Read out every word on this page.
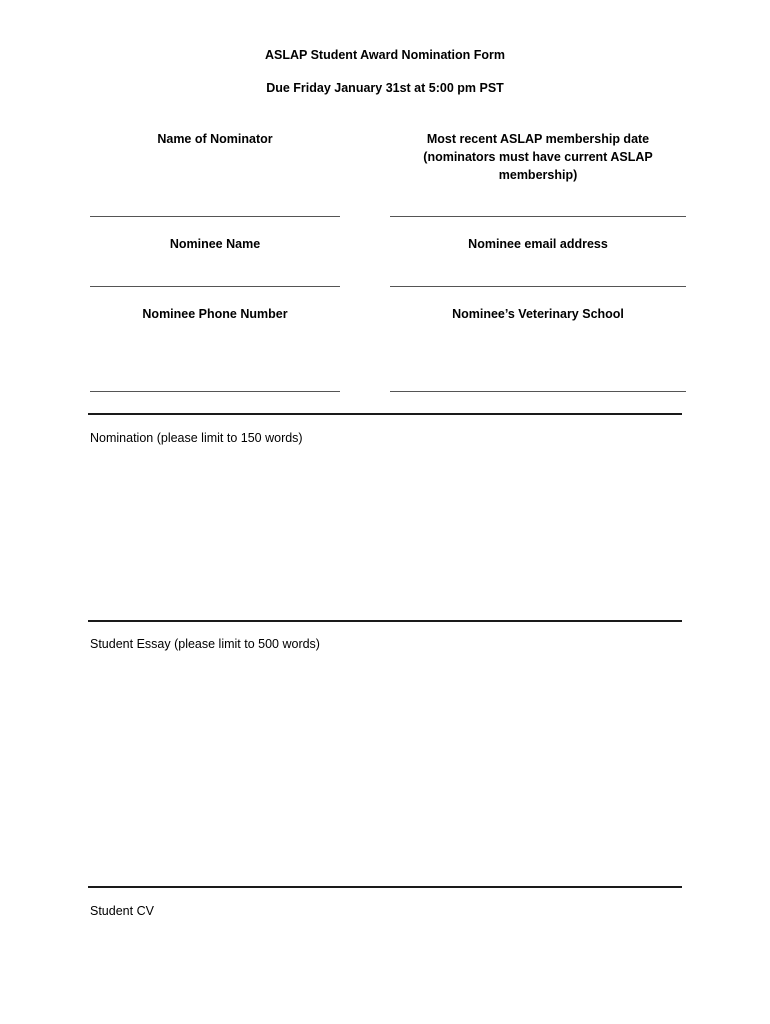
ASLAP Student Award Nomination Form
Due Friday January 31st at 5:00 pm PST
Name of Nominator	Most recent ASLAP membership date (nominators must have current ASLAP membership)
Nominee Name	Nominee email address
Nominee Phone Number	Nominee’s Veterinary School
Nomination (please limit to 150 words)
Student Essay (please limit to 500 words)
Student CV
